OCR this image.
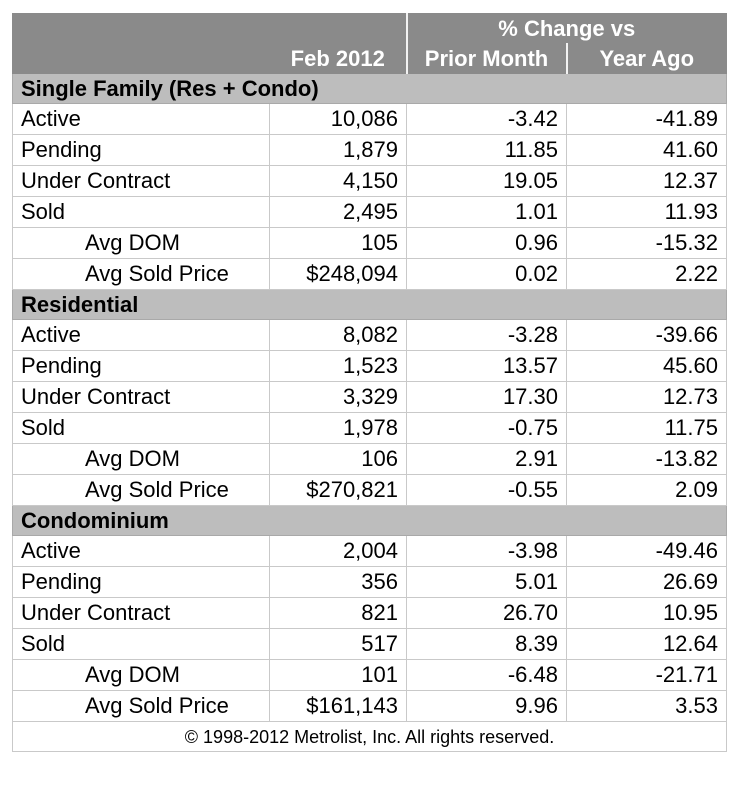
		% Change vs	
	Feb 2012	Prior Month	Year Ago
Single Family (Res + Condo)			
Active	10,086	-3.42	-41.89
Pending	1,879	11.85	41.60
Under Contract	4,150	19.05	12.37
Sold	2,495	1.01	11.93
Avg DOM	105	0.96	-15.32
Avg Sold Price	$248,094	0.02	2.22
Residential			
Active	8,082	-3.28	-39.66
Pending	1,523	13.57	45.60
Under Contract	3,329	17.30	12.73
Sold	1,978	-0.75	11.75
Avg DOM	106	2.91	-13.82
Avg Sold Price	$270,821	-0.55	2.09
Condominium			
Active	2,004	-3.98	-49.46
Pending	356	5.01	26.69
Under Contract	821	26.70	10.95
Sold	517	8.39	12.64
Avg DOM	101	-6.48	-21.71
Avg Sold Price	$161,143	9.96	3.53
© 1998-2012 Metrolist, Inc. All rights reserved.			
